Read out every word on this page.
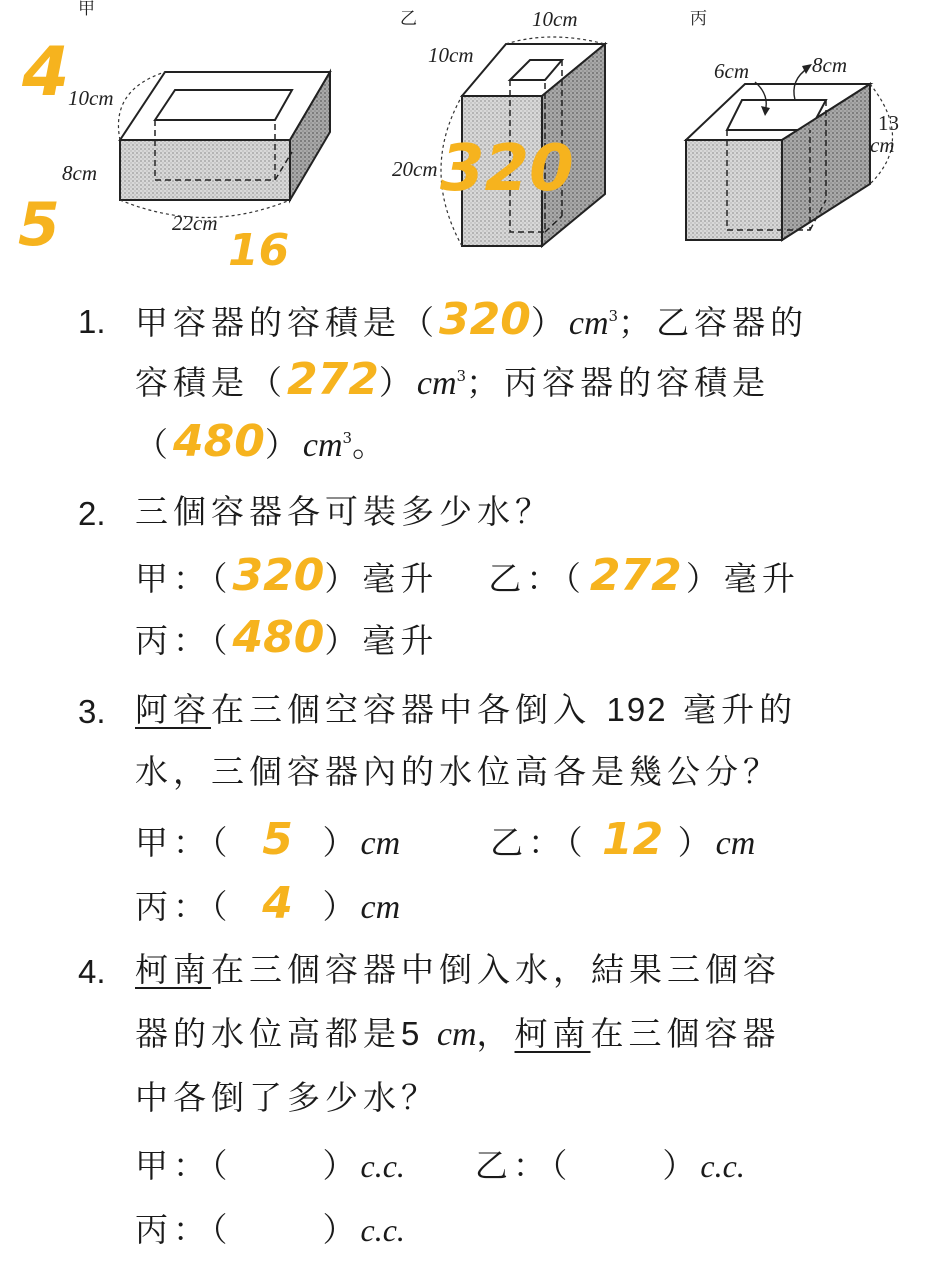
甲
10cm
8cm
22cm
4
5	16
乙	10cm
10cm
20cm 320
丙
6cm	8cm
13
cm
1. 甲容器的容積是$(320)cm^3$；乙容器的
容積是$(272)cm^3$；丙容器的容積是
$(480)cm^3$。
2. 三個容器各可裝多少水？
甲：（320）毫升 乙：（272 ）毫升
丙：（480）毫升
3. 阿容在三個空容器中各倒入 192 毫升的
水，三個容器內的水位高各是幾公分？
甲：（ 5 ）cm	乙：（ 12 ）cm
丙：（ 4 ）cm
4. 柯南在三個容器中倒入水，結果三個容
器的水位高都是5 cm，柯南在三個容器
中各倒了多少水？
甲：（	）c.c. 乙：（	）c.c.
丙：（	）c.c.
